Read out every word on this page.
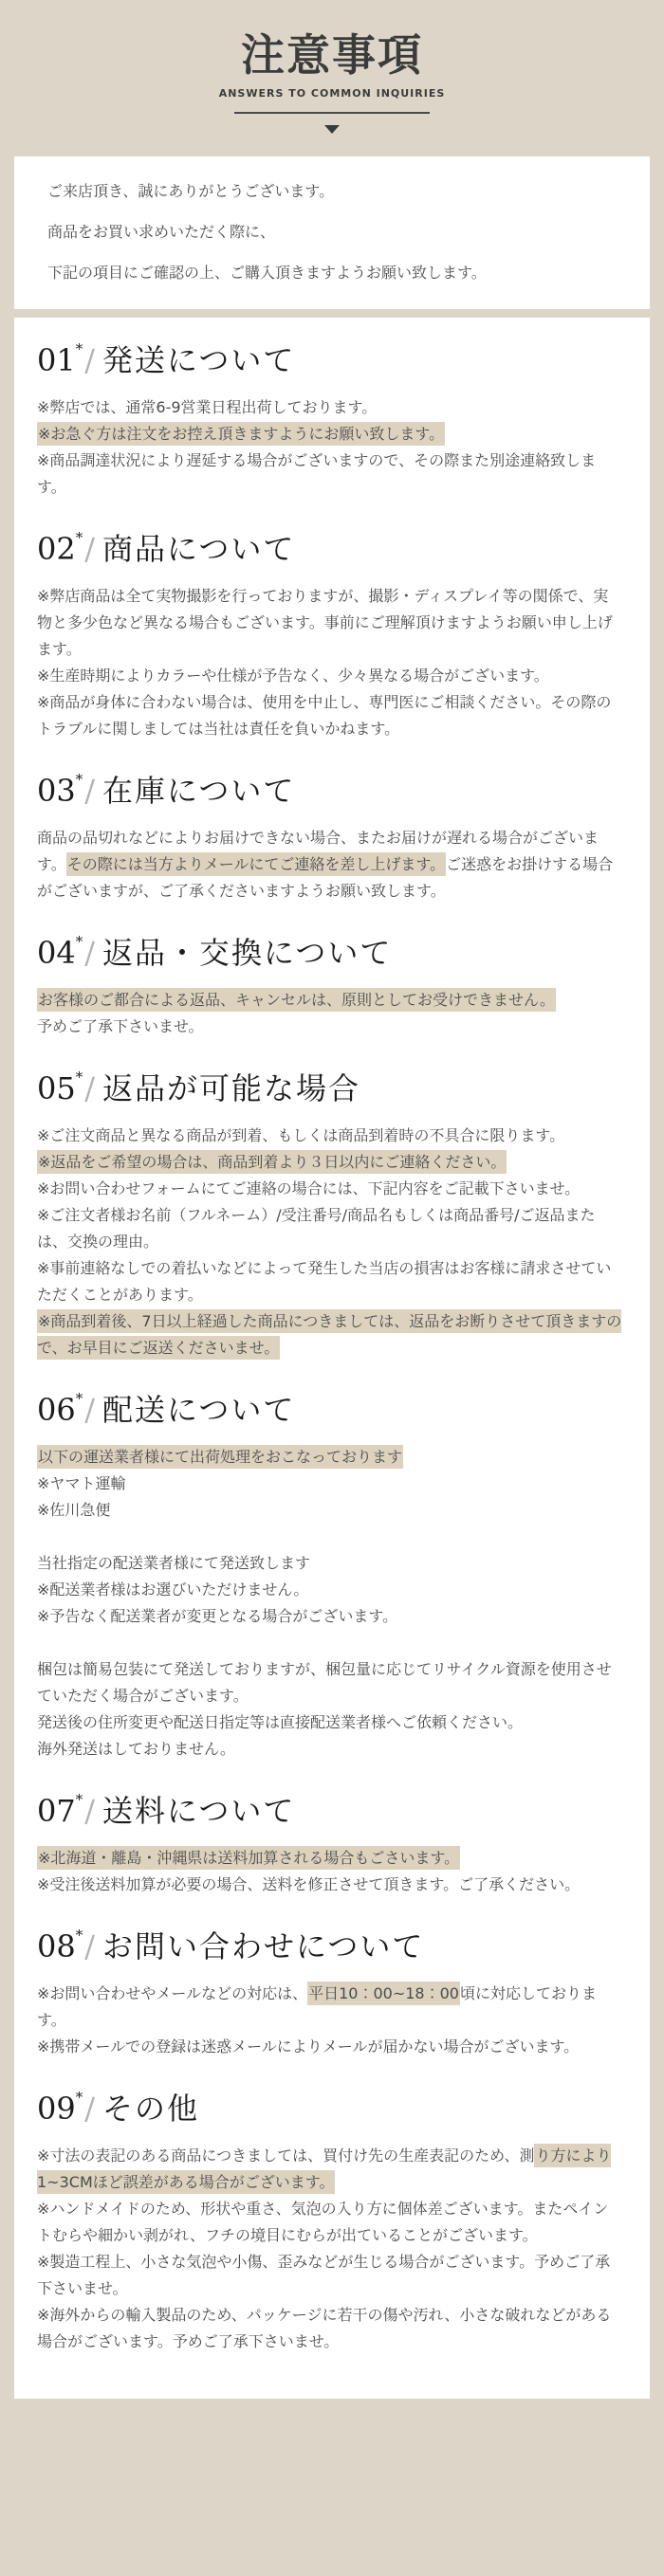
注意事項
ANSWERS TO COMMON INQUIRIES

ご来店頂き、誠にありがとうございます。

商品をお買い求めいただく際に、

下記の項目にご確認の上、ご購入頂きますようお願い致します。

01*/ 発送について

※弊店では、通常6-9営業日程出荷しております。

※お急ぐ方は注文をお控え頂きますようにお願い致します。

※商品調達状況により遅延する場合がございますので、その際また別途連絡致します。

02*/ 商品について

※弊店商品は全て実物撮影を行っておりますが、撮影・ディスプレイ等の関係で、実物と多少色など異なる場合もございます。事前にご理解頂けますようお願い申し上げます。

※生産時期によりカラーや仕様が予告なく、少々異なる場合がございます。

※商品が身体に合わない場合は、使用を中止し、専門医にご相談ください。その際のトラブルに関しましては当社は責任を負いかねます。

03*/ 在庫について

商品の品切れなどによりお届けできない場合、またお届けが遅れる場合がございます。その際には当方よりメールにてご連絡を差し上げます。ご迷惑をお掛けする場合がございますが、ご了承くださいますようお願い致します。

04*/ 返品・交換について

お客様のご都合による返品、キャンセルは、原則としてお受けできません。
予めご了承下さいませ。

05*/ 返品が可能な場合

※ご注文商品と異なる商品が到着、もしくは商品到着時の不具合に限ります。

※返品をご希望の場合は、商品到着より３日以内にご連絡ください。

※お問い合わせフォームにてご連絡の場合には、下記内容をご記載下さいませ。

※ご注文者様お名前（フルネーム）/受注番号/商品名もしくは商品番号/ご返品または、交換の理由。

※事前連絡なしでの着払いなどによって発生した当店の損害はお客様に請求させていただくことがあります。

※商品到着後、7日以上経過した商品につきましては、返品をお断りさせて頂きますので、お早目にご返送くださいませ。

06*/ 配送について

以下の運送業者様にて出荷処理をおこなっております

※ヤマト運輸

※佐川急便

当社指定の配送業者様にて発送致します

※配送業者様はお選びいただけません。

※予告なく配送業者が変更となる場合がございます。

梱包は簡易包装にて発送しておりますが、梱包量に応じてリサイクル資源を使用させていただく場合がございます。

発送後の住所変更や配送日指定等は直接配送業者様へご依頼ください。

海外発送はしておりません。

07*/ 送料について

※北海道・離島・沖縄県は送料加算される場合もごさいます。

※受注後送料加算が必要の場合、送料を修正させて頂きます。ご了承ください。

08*/ お問い合わせについて

※お問い合わせやメールなどの対応は、平日10：00~18：00頃に対応しております。

※携帯メールでの登録は迷惑メールによりメールが届かない場合がございます。

09*/ その他

※寸法の表記のある商品につきましては、買付け先の生産表記のため、測り方により1~3CMほど誤差がある場合がございます。

※ハンドメイドのため、形状や重さ、気泡の入り方に個体差ございます。またペイントむらや細かい剥がれ、フチの境目にむらが出ていることがございます。

※製造工程上、小さな気泡や小傷、歪みなどが生じる場合がございます。予めご了承下さいませ。

※海外からの輸入製品のため、パッケージに若干の傷や汚れ、小さな破れなどがある場合がございます。予めご了承下さいませ。
